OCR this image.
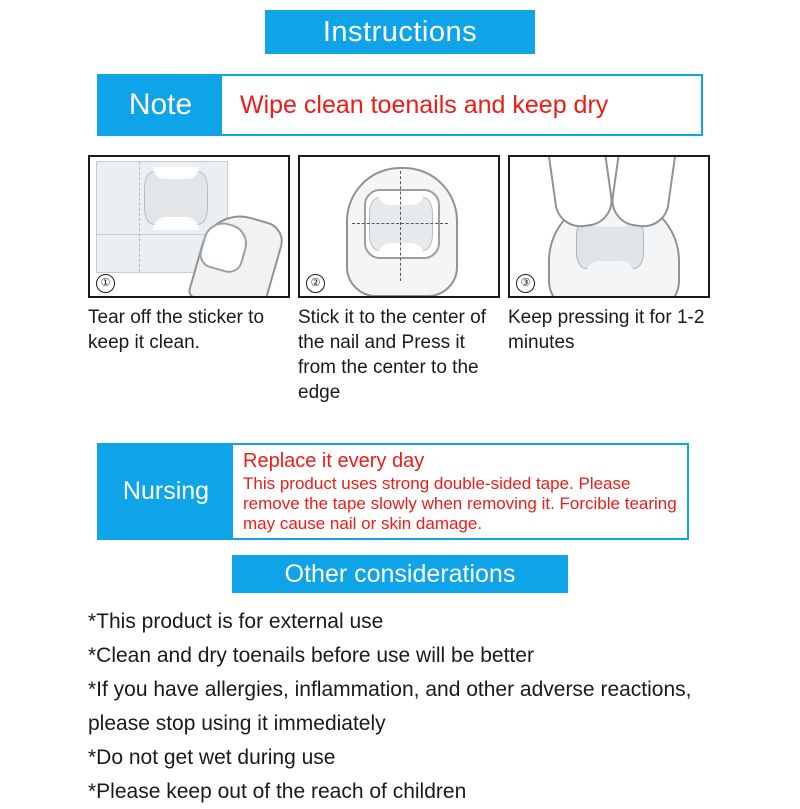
Instructions
Note	Wipe clean toenails and keep dry
①
Tear off the sticker to keep it clean.
②
Stick it to the center of the nail and Press it from the center to the edge
③
Keep pressing it for 1-2 minutes
Nursing
Replace it every day
This product uses strong double-sided tape. Please remove the tape slowly when removing it. Forcible tearing may cause nail or skin damage.
Other considerations
*This product is for external use
*Clean and dry toenails before use will be better
*If you have allergies, inflammation, and other adverse reactions, please stop using it immediately
*Do not get wet during use
*Please keep out of the reach of children
